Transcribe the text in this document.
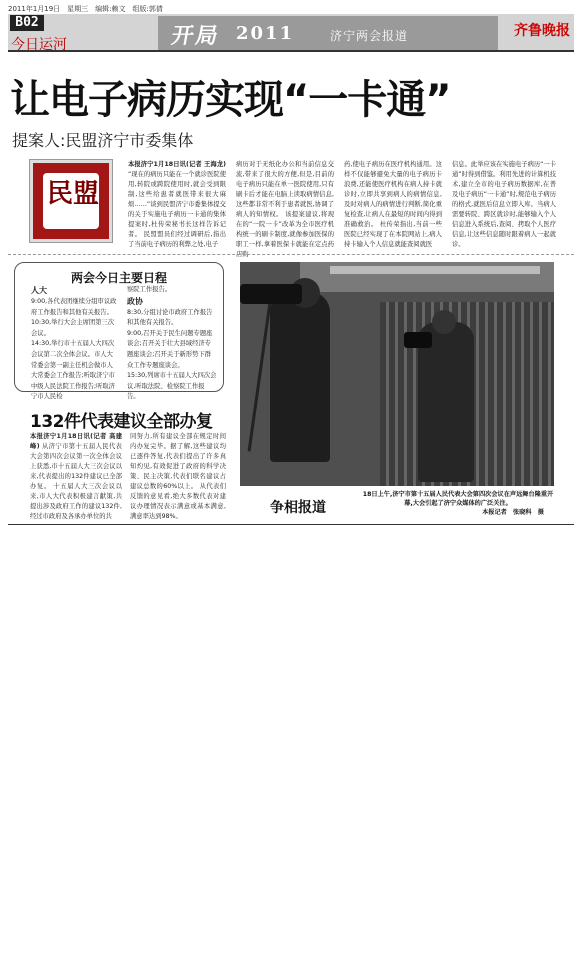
2011年1月19日　星期三　编辑:赖文　组版:郭倩
B02
今日运河	开局 2011	济宁两会报道	齐鲁晚报
让电子病历实现“一卡通”
提案人:民盟济宁市委集体
民盟
本报济宁1月18日讯(记者 王海龙) “现在的病历只能在一个就诊医院使用,转院或跨院使用时,就会受到限制,这些给患者就医带来很大麻烦……”谈到民盟济宁市委集体提交的关于实施电子病历一卡通的集体提案时,杜传荣秘书长这样告诉记者。 民盟盟员们经过调研后,指出了当前电子病历的利弊之处,电子
病历对于无纸化办公和当前信息交流,带来了很大的方便,但是,目前的电子病历只能在单一医院使用,只有刷卡后才能在电脑上读取病情信息,这些都非常不利于患者就医,协调了病人的知情权。 该提案建议,将现在的“一院一卡”改革为全市医疗机构统一的刷卡制度,就像参加医保的职工一样,拿着医保卡就能在定点药店购
药,使电子病历在医疗机构通用。这样不仅能够避免大量的电子病历卡浪费,还能使医疗机构在病人持卡就诊时,立即共享到病人的病情信息,及时对病人的病情进行判断,简化重复检查,让病人在最短的时间内得到准确救治。 杜传荣指出,当前一些医院已经实现了在本院网站上,病人持卡输入个人信息就能查阅就医
信息。此举应该在实施电子病历“一卡通”时得到借鉴。利用先进的计算机技术,建立全市的电子病历数据库,在普及电子病历“一卡通”时,规范电子病历的格式,就医后信息立即入库。当病人需要转院、跨区就诊时,能够输入个人信息进入系统后,查阅、拷取个人医疗信息,让这些信息随时跟着病人一起就诊。
两会今日主要日程
人大
9:00,各代表团继续分组审议政府工作报告和其他有关报告。
10:30,举行大会主席团第三次会议。
14:30,举行市十五届人大四次会议第二次全体会议。市人大常委会第一副主任机会做市人大常委会工作报告;听取济宁市中级人民法院工作报告;听取济宁市人民检
察院工作报告。
政协
8:30,分组讨论市政府工作报告和其他有关报告。
9:00,召开关于民生问题专题座谈会;召开关于壮大县域经济专题座谈会;召开关于新形势下群众工作专题座谈会。
15:30,列席市十五届人大四次会议,听取法院、检察院工作报告。
132件代表建议全部办复
本报济宁1月18日讯(记者 高建峰) 从济宁市第十五届人民代表大会第四次会议第一次全体会议上获悉,市十五届人大三次会议以来,代表提出的132件建议已全部办复。 十五届人大三次会议以来,市人大代表积极建言献策,共提出涉及政府工作的建议132件,经过市政府及各承办单位的共
同努力,所有建议全部在规定时间内办复完毕。据了解,这些建议均已逐件答复,代表们提出了许多真知灼见,有效促进了政府的科学决策、民主决策,代表们联名建议占建议总数的60%以上。 从代表们反馈的意见看,绝大多数代表对建议办理情况表示满意或基本满意,满意率达到98%。
争相报道
18日上午,济宁市第十五届人民代表大会第四次会议在声远舞台隆重开幕,大会引起了济宁众媒体的广泛关注。
本报记者　张晓科　摄
